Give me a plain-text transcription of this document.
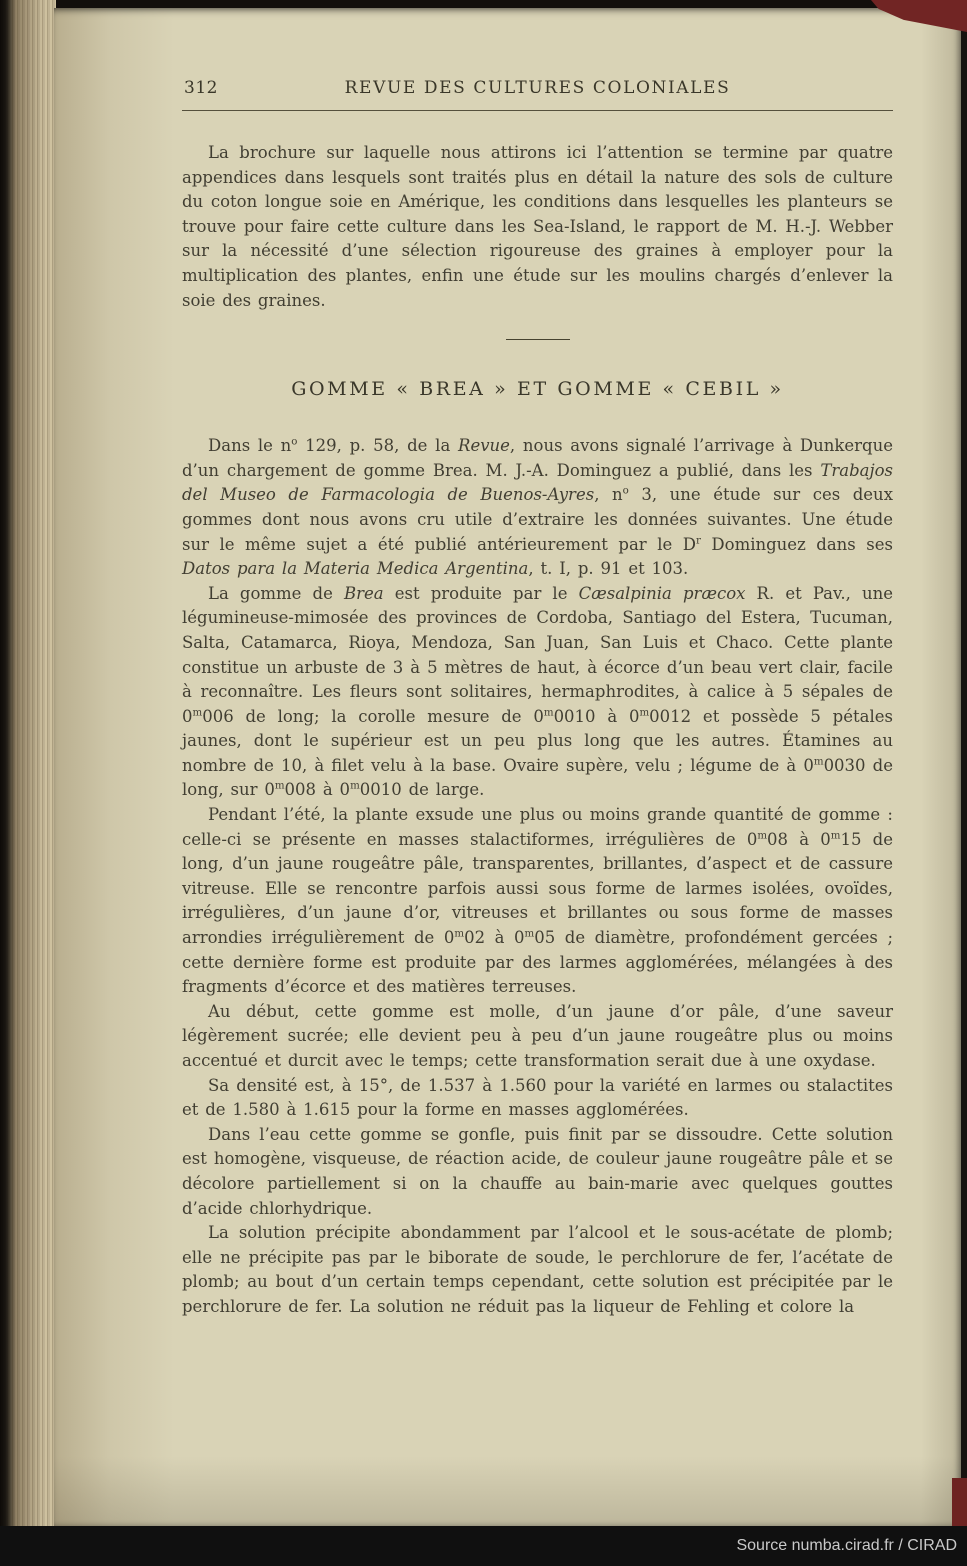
312	REVUE DES CULTURES COLONIALES

La brochure sur laquelle nous attirons ici l’attention se termine par quatre appendices dans lesquels sont traités plus en détail la nature des sols de culture du coton longue soie en Amérique, les conditions dans lesquelles les planteurs se trouve pour faire cette culture dans les Sea-Island, le rapport de M. H.-J. Webber sur la nécessité d’une sélection rigoureuse des graines à employer pour la multiplication des plantes, enfin une étude sur les moulins chargés d’enlever la soie des graines.

GOMME « BREA » ET GOMME « CEBIL »

Dans le $n^o$ 129, p. 58, de la Revue, nous avons signalé l’arrivage à Dunkerque d’un chargement de gomme Brea. M. J.-A. Dominguez a publié, dans les Trabajos del Museo de Farmacologia de Buenos-Ayres, $n^o$ 3, une étude sur ces deux gommes dont nous avons cru utile d’extraire les données suivantes. Une étude sur le même sujet a été publié antérieurement par le $D^r$ Dominguez dans ses Datos para la Materia Medica Argentina, t. I, p. 91 et 103.

La gomme de Brea est produite par le Cæsalpinia præcox R. et Pav., une légumineuse-mimosée des provinces de Cordoba, Santiago del Estera, Tucuman, Salta, Catamarca, Rioya, Mendoza, San Juan, San Luis et Chaco. Cette plante constitue un arbuste de 3 à 5 mètres de haut, à écorce d’un beau vert clair, facile à reconnaître. Les fleurs sont solitaires, hermaphrodites, à calice à 5 sépales de 0$^m$006 de long; la corolle mesure de 0$^m$0010 à 0$^m$0012 et possède 5 pétales jaunes, dont le supérieur est un peu plus long que les autres. Étamines au nombre de 10, à filet velu à la base. Ovaire supère, velu ; légume de à 0$^m$0030 de long, sur 0$^m$008 à 0$^m$0010 de large.

Pendant l’été, la plante exsude une plus ou moins grande quantité de gomme : celle-ci se présente en masses stalactiformes, irrégulières de 0$^m$08 à 0$^m$15 de long, d’un jaune rougeâtre pâle, transparentes, brillantes, d’aspect et de cassure vitreuse. Elle se rencontre parfois aussi sous forme de larmes isolées, ovoïdes, irrégulières, d’un jaune d’or, vitreuses et brillantes ou sous forme de masses arrondies irrégulièrement de 0$^m$02 à 0$^m$05 de diamètre, profondément gercées ; cette dernière forme est produite par des larmes agglomérées, mélangées à des fragments d’écorce et des matières terreuses.

Au début, cette gomme est molle, d’un jaune d’or pâle, d’une saveur légèrement sucrée; elle devient peu à peu d’un jaune rougeâtre plus ou moins accentué et durcit avec le temps; cette transformation serait due à une oxydase.

Sa densité est, à 15°, de 1.537 à 1.560 pour la variété en larmes ou stalactites et de 1.580 à 1.615 pour la forme en masses agglomérées.

Dans l’eau cette gomme se gonfle, puis finit par se dissoudre. Cette solution est homogène, visqueuse, de réaction acide, de couleur jaune rougeâtre pâle et se décolore partiellement si on la chauffe au bain-marie avec quelques gouttes d’acide chlorhydrique.

La solution précipite abondamment par l’alcool et le sous-acétate de plomb; elle ne précipite pas par le biborate de soude, le perchlorure de fer, l’acétate de plomb; au bout d’un certain temps cependant, cette solution est précipitée par le perchlorure de fer. La solution ne réduit pas la liqueur de Fehling et colore la

Source numba.cirad.fr / CIRAD
